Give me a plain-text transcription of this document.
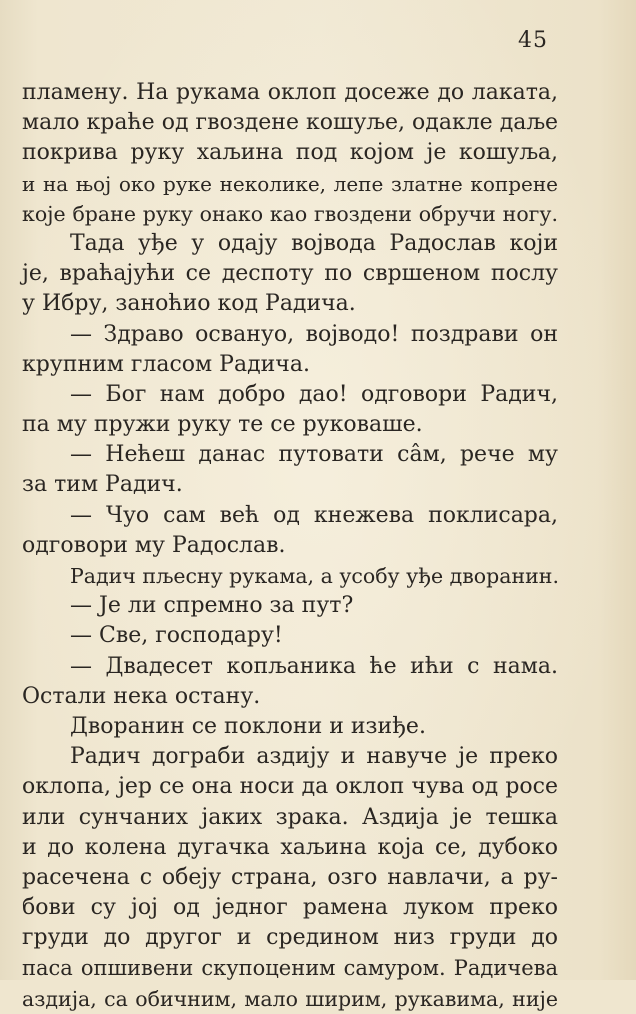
45
пламену. На рукама оклоп досеже до лаката,
мало краће од гвоздене кошуље, одакле даље
покрива руку хаљина под којом је кошуља,
и на њој око руке неколике, лепе златне копрене
које бране руку онако као гвоздени обручи ногу.
Тада уђе у одају војвода Радослав који
је, враћајући се деспоту по свршеном послу
у Ибру, заноћио код Радича.
— Здраво освануо, војводо! поздрави он
крупним гласом Радича.
— Бог нам добро дао! одговори Радич,
па му пружи руку те се руковаше.
— Нећеш данас путовати сâм, рече му
за тим Радич.
— Чуо сам већ од кнежева поклисара,
одговори му Радослав.
Радич пљесну рукама, а усобу уђе дворанин.
— Је ли спремно за пут?
— Све, господару!
— Двадесет копљаника ће ићи с нама.
Остали нека остану.
Дворанин се поклони и изиђе.
Радич дограби аздију и навуче је преко
оклопа, јер се она носи да оклоп чува од росе
или сунчаних јаких зрака. Аздија је тешка
и до колена дугачка хаљина која се, дубоко
расечена с обеју страна, озго навлачи, а ру-
бови су јој од једног рамена луком преко
груди до другог и средином низ груди до
паса опшивени скупоценим самуром. Радичева
аздија, са обичним, мало ширим, рукавима, није
